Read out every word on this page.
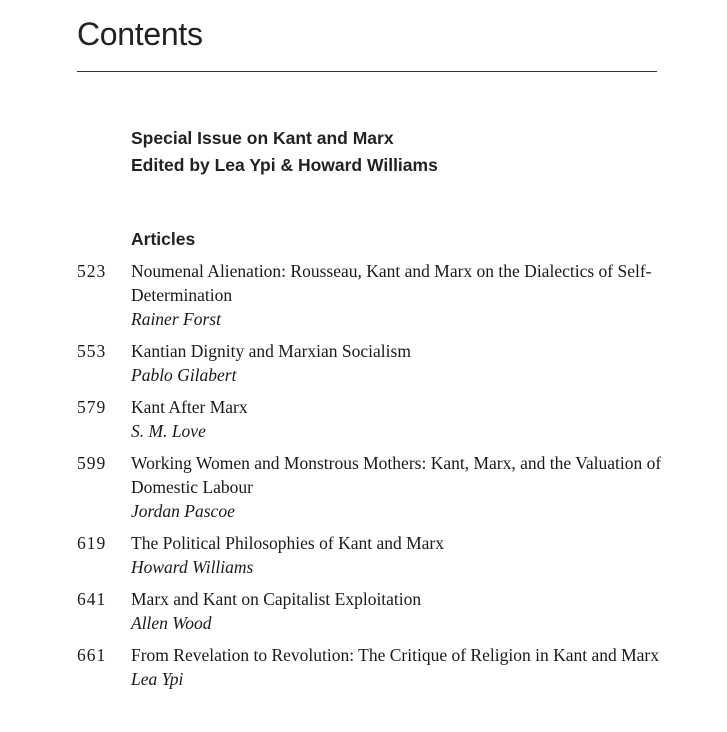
Contents
Special Issue on Kant and Marx
Edited by Lea Ypi & Howard Williams
Articles
523	Noumenal Alienation: Rousseau, Kant and Marx on the Dialectics of Self-Determination
Rainer Forst
553	Kantian Dignity and Marxian Socialism
Pablo Gilabert
579	Kant After Marx
S. M. Love
599	Working Women and Monstrous Mothers: Kant, Marx, and the Valuation of Domestic Labour
Jordan Pascoe
619	The Political Philosophies of Kant and Marx
Howard Williams
641	Marx and Kant on Capitalist Exploitation
Allen Wood
661	From Revelation to Revolution: The Critique of Religion in Kant and Marx
Lea Ypi
